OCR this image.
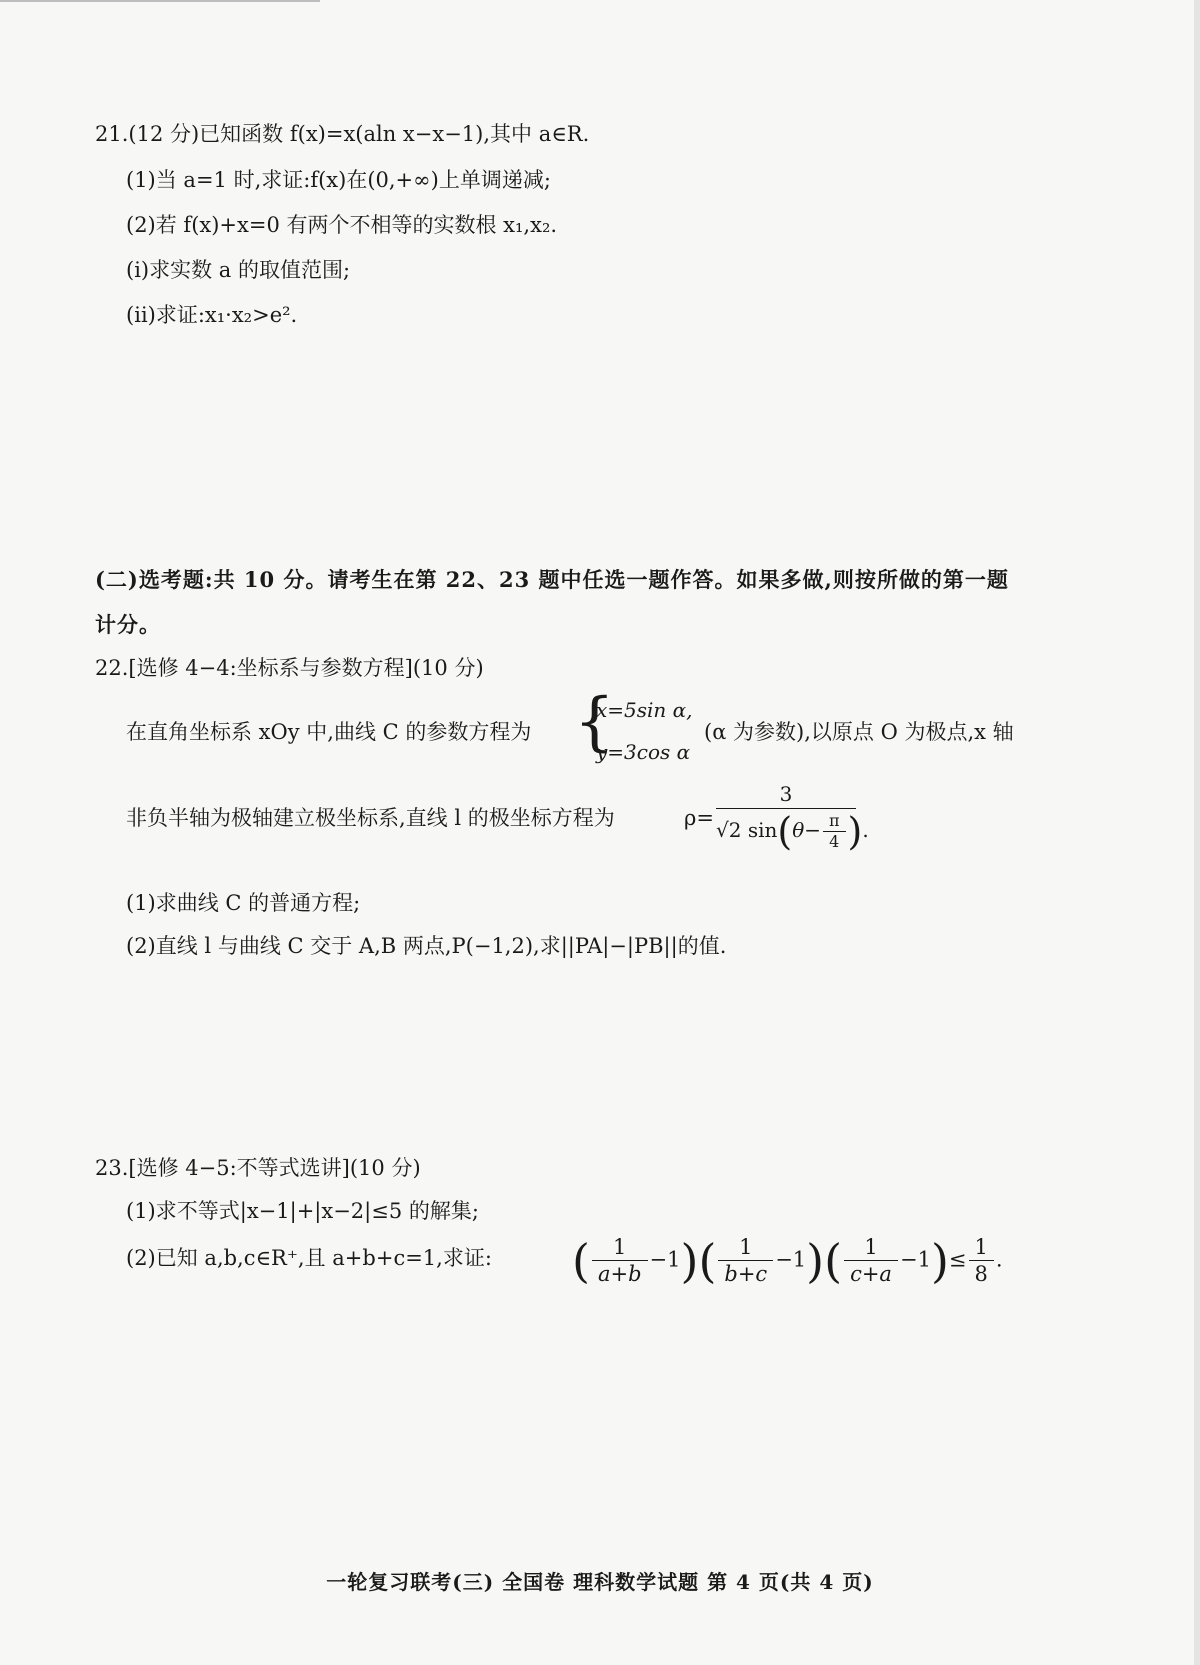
21.(12 分)已知函数 f(x)=x(aln x−x−1),其中 a∈R.
(1)当 a=1 时,求证:f(x)在(0,+∞)上单调递减;
(2)若 f(x)+x=0 有两个不相等的实数根 x₁,x₂.
(ⅰ)求实数 a 的取值范围;
(ⅱ)求证:x₁·x₂>e².
(二)选考题:共 10 分。请考生在第 22、23 题中任选一题作答。如果多做,则按所做的第一题
计分。
22.[选修 4−4:坐标系与参数方程](10 分)
在直角坐标系 xOy 中,曲线 C 的参数方程为 {
x=5sin α,
y=3cos α
(α 为参数),以原点 O 为极点,x 轴
非负半轴为极轴建立极坐标系,直线 l 的极坐标方程为	$\rho= \frac{3}{√2 \sin(\theta- \frac{\pi}{4} ).}$
(1)求曲线 C 的普通方程;
(2)直线 l 与曲线 C 交于 A,B 两点,P(−1,2),求||PA|−|PB||的值.
23.[选修 4−5:不等式选讲](10 分)
(1)求不等式|x−1|+|x−2|≤5 的解集;
(2)已知 a,b,c∈R⁺,且 a+b+c=1,求证: ( $\frac{1}{a+b} -1)( \frac{1}{b+c} -1)( \frac{1}{c+a} -1)\le \frac{1}{8}$ .
一轮复习联考(三) 全国卷 理科数学试题 第 4 页(共 4 页)
